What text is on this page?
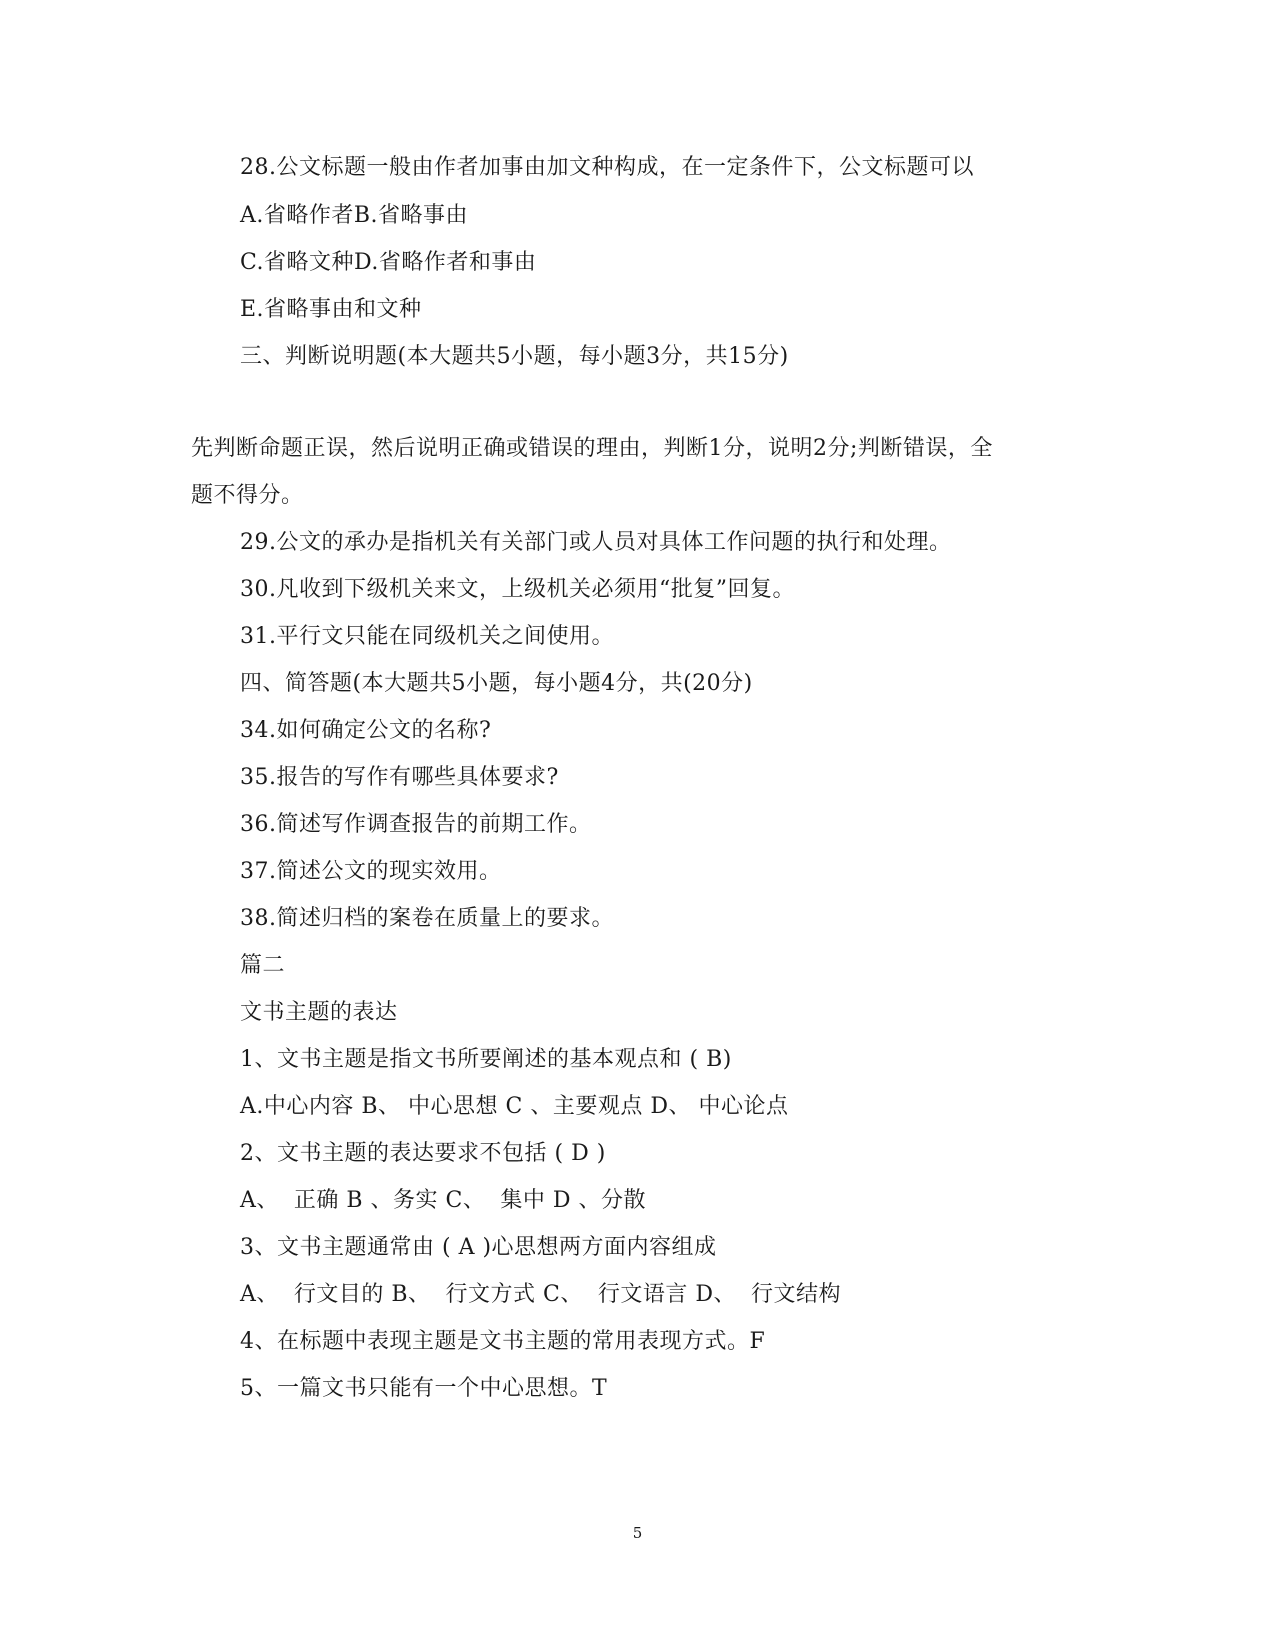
28.公文标题一般由作者加事由加文种构成，在一定条件下，公文标题可以
A.省略作者B.省略事由
C.省略文种D.省略作者和事由
E.省略事由和文种
三、判断说明题(本大题共5小题，每小题3分，共15分)
先判断命题正误，然后说明正确或错误的理由，判断1分，说明2分;判断错误，全
题不得分。
29.公文的承办是指机关有关部门或人员对具体工作问题的执行和处理。
30.凡收到下级机关来文，上级机关必须用“批复”回复。
31.平行文只能在同级机关之间使用。
四、简答题(本大题共5小题，每小题4分，共(20分)
34.如何确定公文的名称?
35.报告的写作有哪些具体要求?
36.简述写作调查报告的前期工作。
37.简述公文的现实效用。
38.简述归档的案卷在质量上的要求。
篇二
文书主题的表达
1、文书主题是指文书所要阐述的基本观点和 ( B)
A.中心内容 B、 中心思想 C 、主要观点 D、 中心论点
2、文书主题的表达要求不包括 ( D )
A、  正确 B 、务实 C、  集中 D 、分散
3、文书主题通常由 ( A )心思想两方面内容组成
A、  行文目的 B、  行文方式 C、  行文语言 D、  行文结构
4、在标题中表现主题是文书主题的常用表现方式。F
5、一篇文书只能有一个中心思想。T
5
